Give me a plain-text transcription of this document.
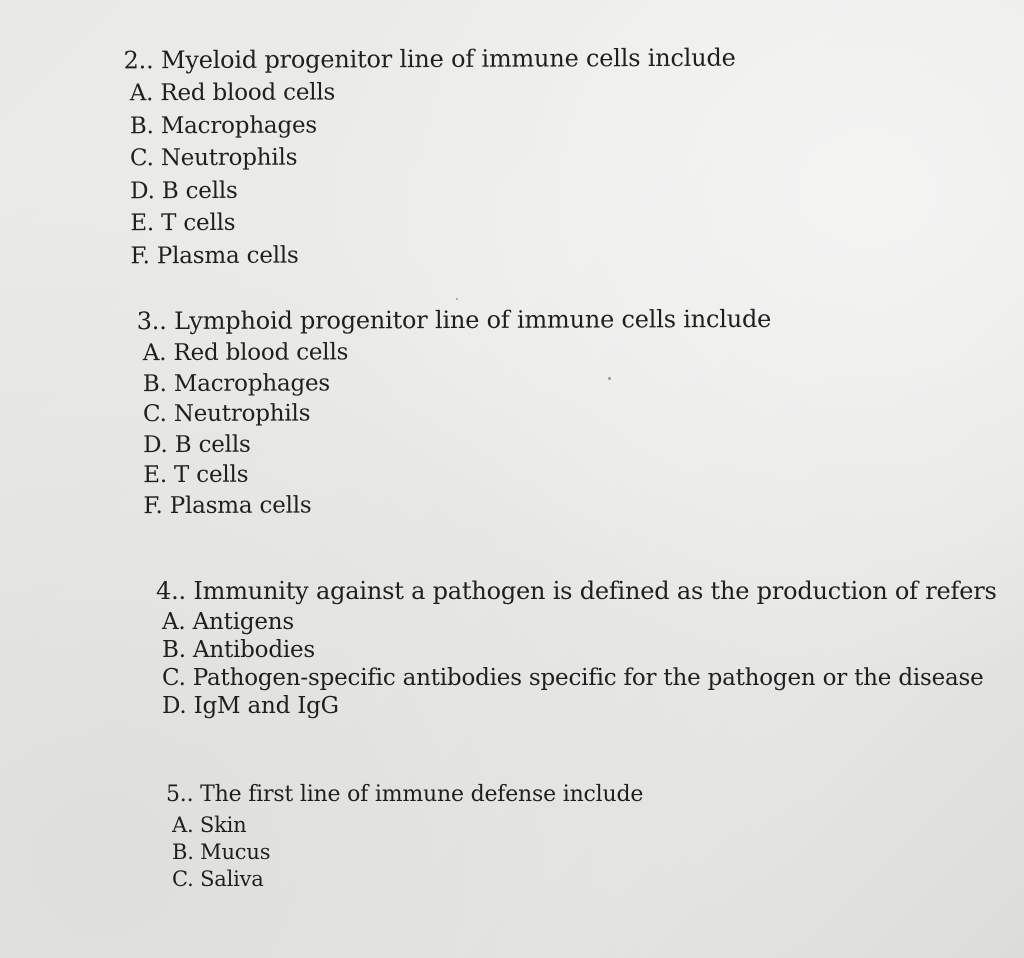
2.. Myeloid progenitor line of immune cells include
A. Red blood cells
B. Macrophages
C. Neutrophils
D. B cells
E. T cells
F. Plasma cells
3.. Lymphoid progenitor line of immune cells include
A. Red blood cells
B. Macrophages
C. Neutrophils
D. B cells
E. T cells
F. Plasma cells
4.. Immunity against a pathogen is defined as the production of refers
A. Antigens
B. Antibodies
C. Pathogen-specific antibodies specific for the pathogen or the disease
D. IgM and IgG
5.. The first line of immune defense include
A. Skin
B. Mucus
C. Saliva
